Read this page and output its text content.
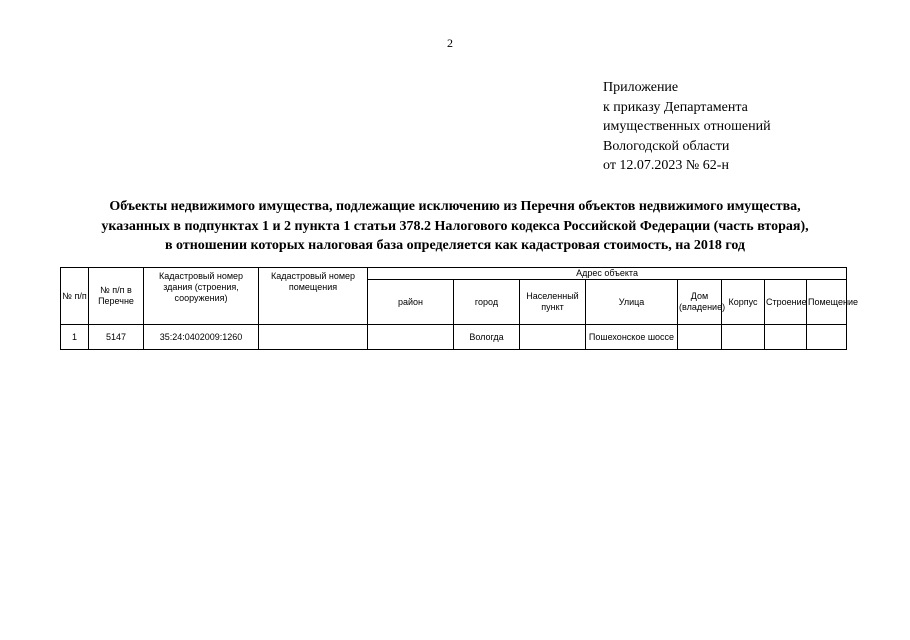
2
Приложение
к приказу Департамента
имущественных отношений
Вологодской области
от 12.07.2023 № 62-н
Объекты недвижимого имущества, подлежащие исключению из Перечня объектов недвижимого имущества,
указанных в подпунктах 1 и 2 пункта 1 статьи 378.2 Налогового кодекса Российской Федерации (часть вторая),
в отношении которых налоговая база определяется как кадастровая стоимость, на 2018 год
№ п/п	№ п/п в Перечне	Кадастровый номер здания (строения, сооружения)	Кадастровый номер помещения	Адрес объекта							
				район	город	Населенный пункт	Улица	Дом (владение)	Корпус	Строение	Помещение
1	5147	35:24:0402009:1260			Вологда		Пошехонское шоссе				
